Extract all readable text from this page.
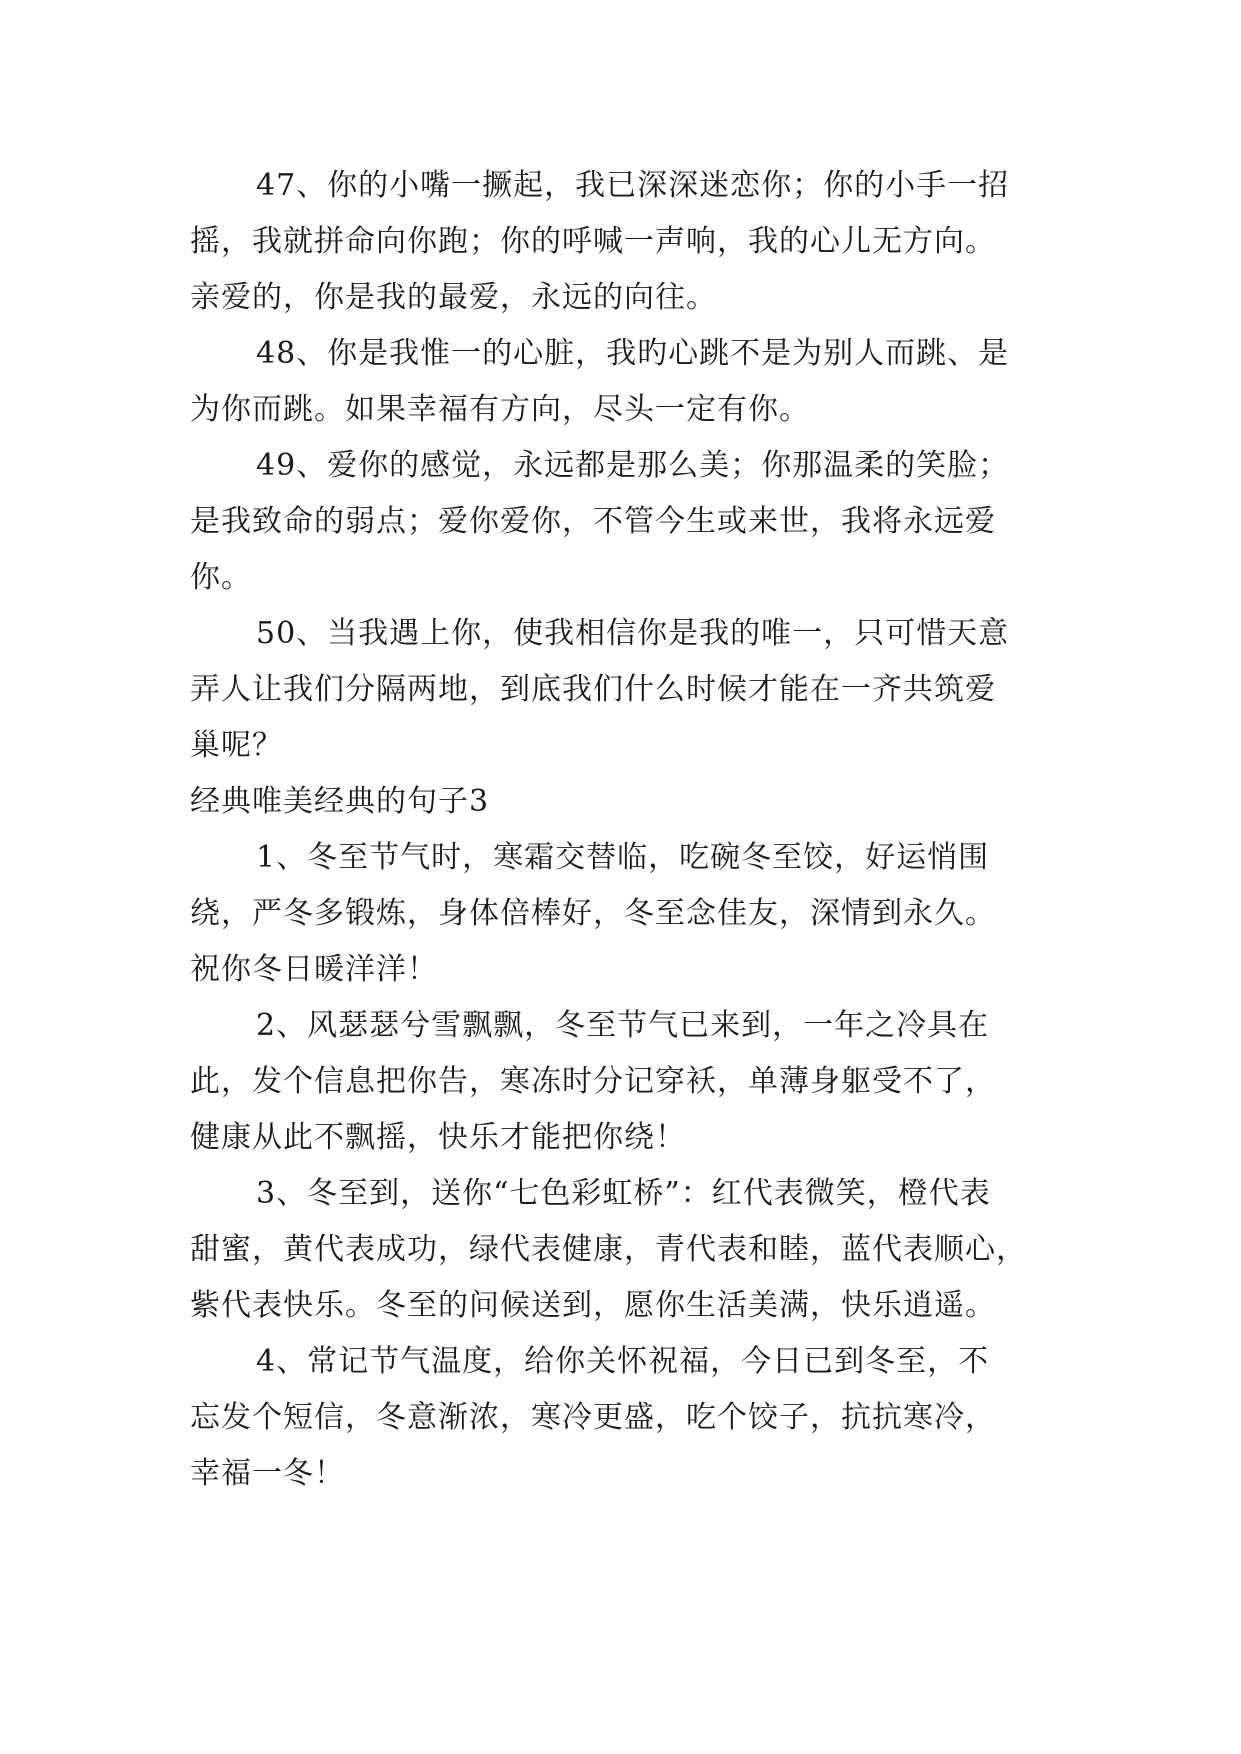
47、你的小嘴一撅起，我已深深迷恋你；你的小手一招
摇，我就拼命向你跑；你的呼喊一声响，我的心儿无方向。
亲爱的，你是我的最爱，永远的向往。
48、你是我惟一的心脏，我旳心跳不是为别人而跳、是
为你而跳。如果幸福有方向，尽头一定有你。
49、爱你的感觉，永远都是那么美；你那温柔的笑脸；
是我致命的弱点；爱你爱你，不管今生或来世，我将永远爱
你。
50、当我遇上你，使我相信你是我的唯一，只可惜天意
弄人让我们分隔两地，到底我们什么时候才能在一齐共筑爱
巢呢？
经典唯美经典的句子3
1、冬至节气时，寒霜交替临，吃碗冬至饺，好运悄围
绕，严冬多锻炼，身体倍棒好，冬至念佳友，深情到永久。
祝你冬日暖洋洋！
2、风瑟瑟兮雪飘飘，冬至节气已来到，一年之冷具在
此，发个信息把你告，寒冻时分记穿袄，单薄身躯受不了，
健康从此不飘摇，快乐才能把你绕！
3、冬至到，送你“七色彩虹桥”：红代表微笑，橙代表
甜蜜，黄代表成功，绿代表健康，青代表和睦，蓝代表顺心，
紫代表快乐。冬至的问候送到，愿你生活美满，快乐逍遥。
4、常记节气温度，给你关怀祝福，今日已到冬至，不
忘发个短信，冬意渐浓，寒冷更盛，吃个饺子，抗抗寒冷，
幸福一冬！
